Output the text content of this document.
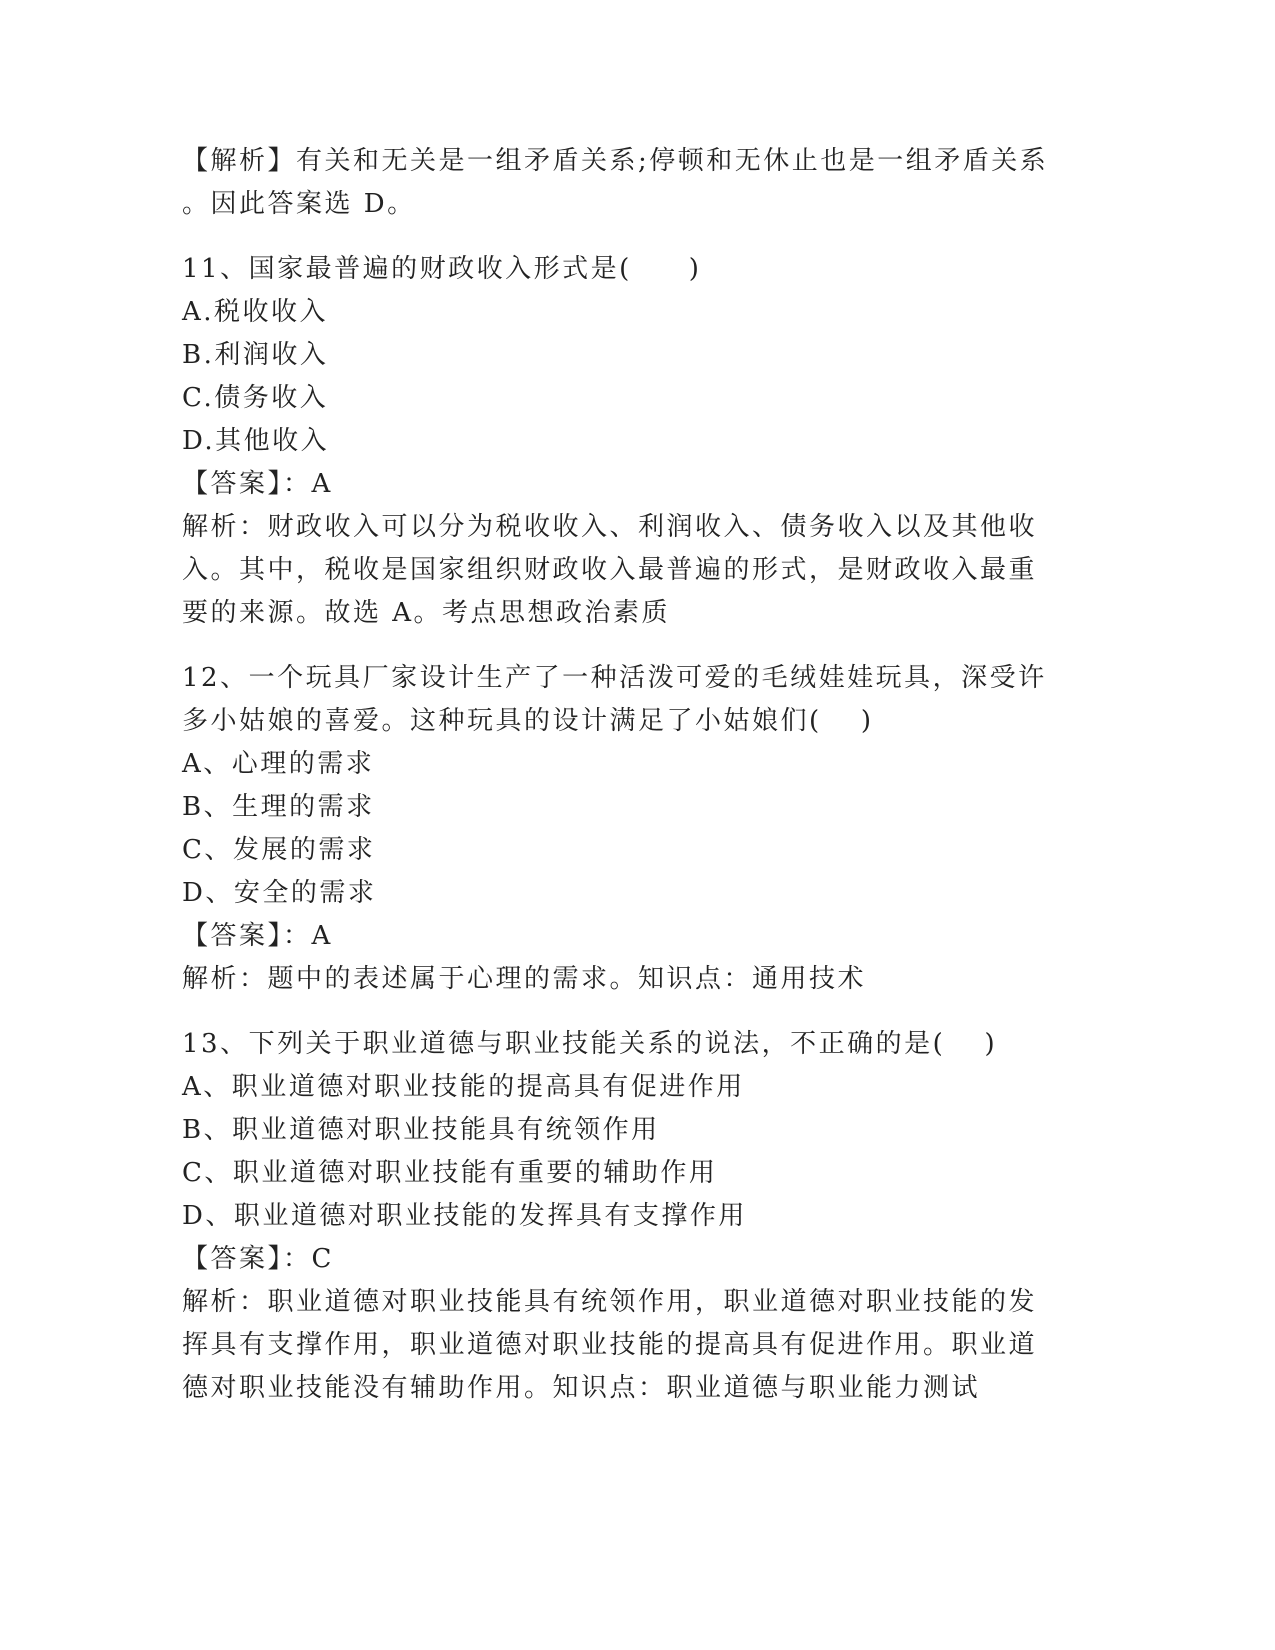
【解析】有关和无关是一组矛盾关系;停顿和无休止也是一组矛盾关系
。因此答案选 D。
11、国家最普遍的财政收入形式是(　　)
A.税收收入
B.利润收入
C.债务收入
D.其他收入
【答案】：A
解析：财政收入可以分为税收收入、利润收入、债务收入以及其他收
入。其中，税收是国家组织财政收入最普遍的形式，是财政收入最重
要的来源。故选 A。考点思想政治素质
12、一个玩具厂家设计生产了一种活泼可爱的毛绒娃娃玩具，深受许
多小姑娘的喜爱。这种玩具的设计满足了小姑娘们(　 )
A、心理的需求
B、生理的需求
C、发展的需求
D、安全的需求
【答案】：A
解析：题中的表述属于心理的需求。知识点：通用技术
13、下列关于职业道德与职业技能关系的说法，不正确的是(　 )
A、职业道德对职业技能的提高具有促进作用
B、职业道德对职业技能具有统领作用
C、职业道德对职业技能有重要的辅助作用
D、职业道德对职业技能的发挥具有支撑作用
【答案】：C
解析：职业道德对职业技能具有统领作用，职业道德对职业技能的发
挥具有支撑作用，职业道德对职业技能的提高具有促进作用。职业道
德对职业技能没有辅助作用。知识点：职业道德与职业能力测试
